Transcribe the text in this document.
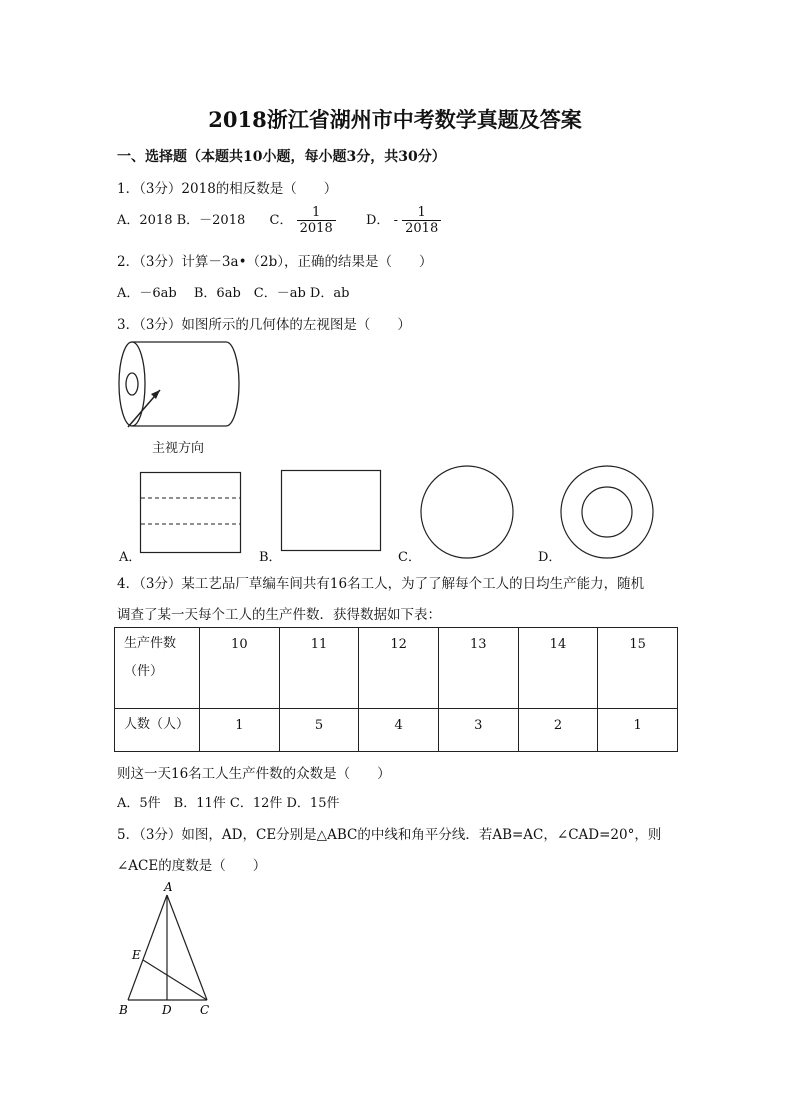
2018浙江省湖州市中考数学真题及答案
一、选择题（本题共10小题，每小题3分，共30分）
1．（3分）2018的相反数是（　　）
A．2018 B．－2018 C． $\frac{1}{2018}$ D． - $\frac{1}{2018}$
2．（3分）计算－3a•（2b），正确的结果是（　　）
A．－6ab　 B．6ab　C．－ab D．ab
3．（3分）如图所示的几何体的左视图是（　　）
主视方向
A．	B．	C．	D．
4．（3分）某工艺品厂草编车间共有16名工人，为了了解每个工人的日均生产能力，随机
调查了某一天每个工人的生产件数．获得数据如下表：
生产件数
（件）	10	11	12	13	14	15
人数（人）	1	5	4	3	2	1
则这一天16名工人生产件数的众数是（　　）
A．5件　B．11件 C．12件 D．15件
5．（3分）如图，AD，CE分别是△ABC的中线和角平分线．若AB=AC，∠CAD=20°，则
∠ACE的度数是（　　）
A
B	C
D
E
